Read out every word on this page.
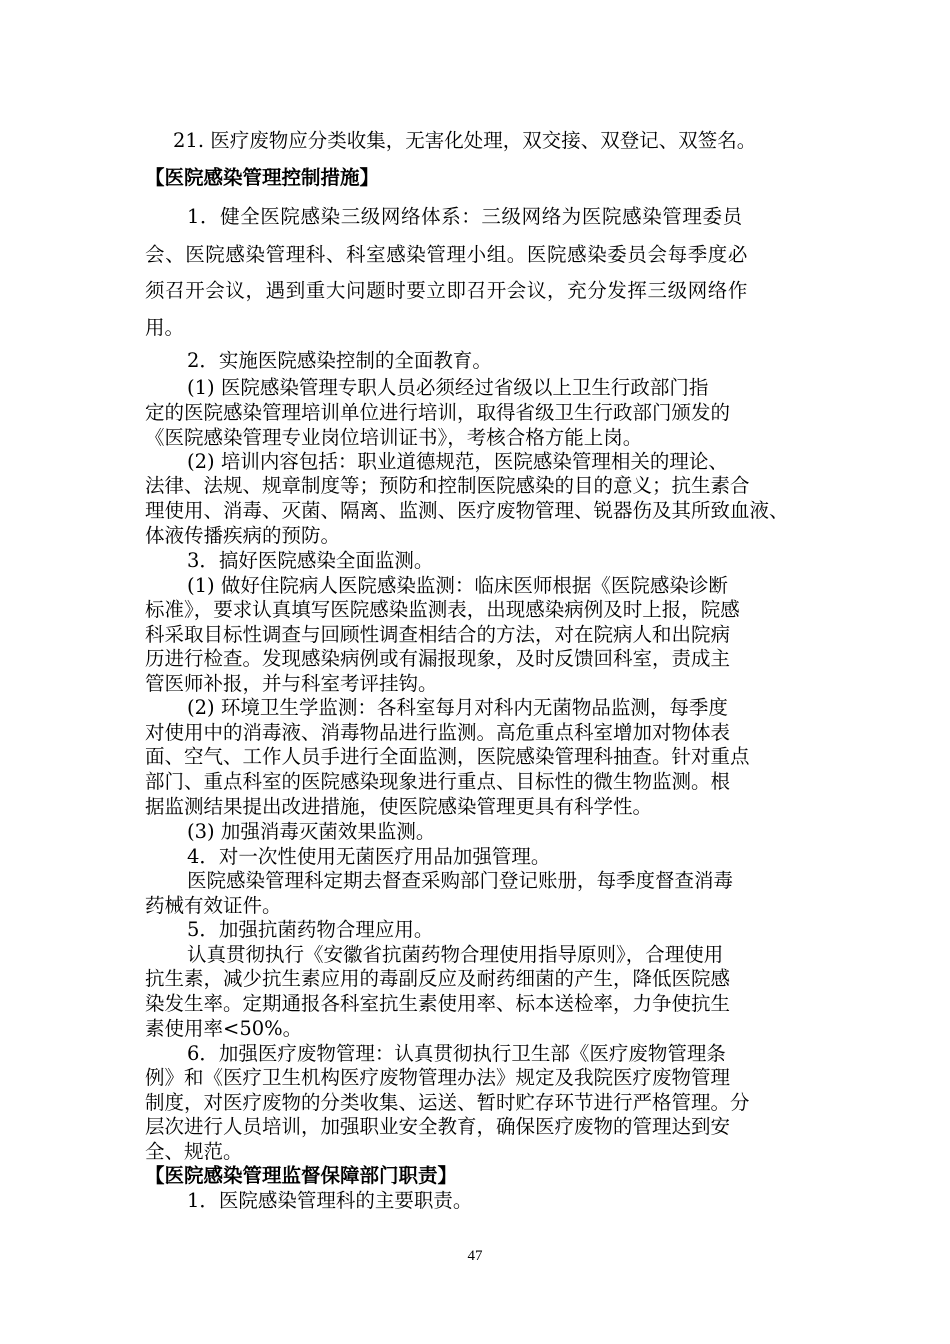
21. 医疗废物应分类收集，无害化处理，双交接、双登记、双签名。

【医院感染管理控制措施】

1．健全医院感染三级网络体系：三级网络为医院感染管理委员

会、医院感染管理科、科室感染管理小组。医院感染委员会每季度必

须召开会议，遇到重大问题时要立即召开会议，充分发挥三级网络作

用。

2．实施医院感染控制的全面教育。

(1) 医院感染管理专职人员必须经过省级以上卫生行政部门指

定的医院感染管理培训单位进行培训，取得省级卫生行政部门颁发的

《医院感染管理专业岗位培训证书》，考核合格方能上岗。

(2) 培训内容包括：职业道德规范，医院感染管理相关的理论、

法律、法规、规章制度等；预防和控制医院感染的目的意义；抗生素合

理使用、消毒、灭菌、隔离、监测、医疗废物管理、锐器伤及其所致血液、

体液传播疾病的预防。

3．搞好医院感染全面监测。

(1) 做好住院病人医院感染监测：临床医师根据《医院感染诊断

标准》，要求认真填写医院感染监测表，出现感染病例及时上报，院感

科采取目标性调查与回顾性调查相结合的方法，对在院病人和出院病

历进行检查。发现感染病例或有漏报现象，及时反馈回科室，责成主

管医师补报，并与科室考评挂钩。

(2) 环境卫生学监测：各科室每月对科内无菌物品监测，每季度

对使用中的消毒液、消毒物品进行监测。高危重点科室增加对物体表

面、空气、工作人员手进行全面监测，医院感染管理科抽查。针对重点

部门、重点科室的医院感染现象进行重点、目标性的微生物监测。根

据监测结果提出改进措施，使医院感染管理更具有科学性。

(3) 加强消毒灭菌效果监测。

4．对一次性使用无菌医疗用品加强管理。

医院感染管理科定期去督查采购部门登记账册，每季度督查消毒

药械有效证件。

5．加强抗菌药物合理应用。

认真贯彻执行《安徽省抗菌药物合理使用指导原则》，合理使用

抗生素，减少抗生素应用的毒副反应及耐药细菌的产生，降低医院感

染发生率。定期通报各科室抗生素使用率、标本送检率，力争使抗生

素使用率<50%。

6．加强医疗废物管理：认真贯彻执行卫生部《医疗废物管理条

例》和《医疗卫生机构医疗废物管理办法》规定及我院医疗废物管理

制度，对医疗废物的分类收集、运送、暂时贮存环节进行严格管理。分

层次进行人员培训，加强职业安全教育，确保医疗废物的管理达到安

全、规范。

【医院感染管理监督保障部门职责】

1．医院感染管理科的主要职责。

47
